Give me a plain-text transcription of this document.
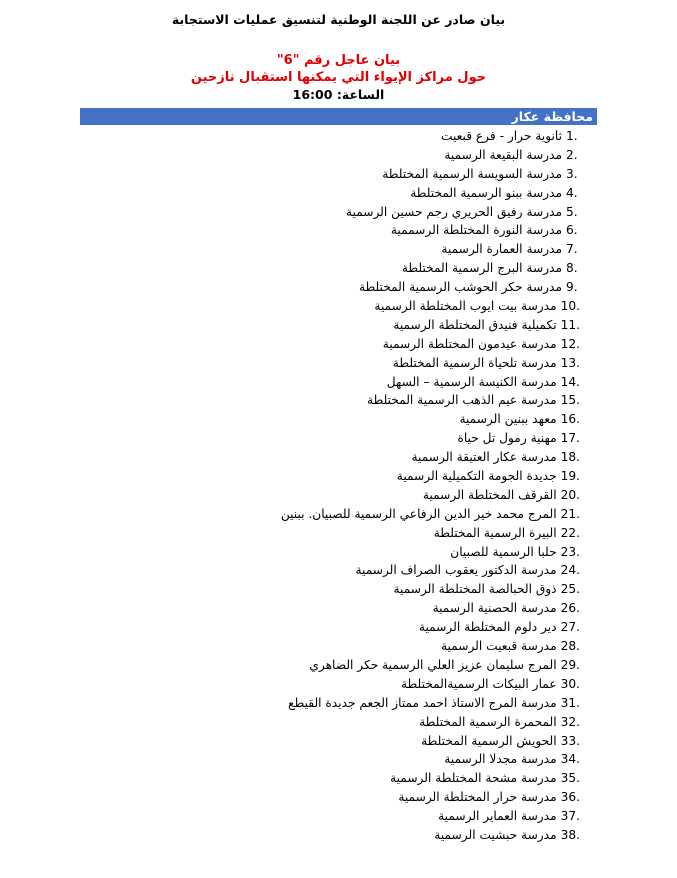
بيان صادر عن اللجنة الوطنية لتنسيق عمليات الاستجابة
بيان عاجل رقم "6"
حول مراكز الإيواء التي يمكنها استقبال نازحين
الساعة: 16:00
محافظة عكار
1.ثانوية حرار - فرع قبعيت
2.مدرسة البقيعة الرسمية
3.مدرسة السويسة الرسمية المختلطة
4.مدرسة ببنو الرسمية المختلطة
5.مدرسة رفيق الحريري رجم حسين الرسمية
6.مدرسة النورة المختلطة الرسممية
7.مدرسة العمارة الرسمية
8.مدرسة البرج الرسمية المختلطة
9.مدرسة حكر الحوشب الرسمية المختلطة
10.مدرسة بيت ايوب المختلطة الرسمية
11.تكميلية فنيدق المختلطة الرسمية
12.مدرسة عيدمون المختلطة الرسمية
13.مدرسة تلحياة الرسمية المختلطة
14.مدرسة الكنيسة الرسمية – السهل
15.مدرسة عيم الذهب الرسمية المختلطة
16.معهد ببنين الرسمية
17.مهنية رمول تل حياة
18.مدرسة عكار العتيقة الرسمية
19.جديدة الجومة التكميلية الرسمية
20.القرقف المختلطة الرسمية
21.المرج محمد خير الدين الرفاعي الرسمية للصبيان. ببنين
22.البيرة الرسمية المختلطة
23.حلبا الرسمية للصبيان
24.مدرسة الدكتور يعقوب الصراف الرسمية
25.ذوق الحبالصة المختلطة الرسمية
26.مدرسة الحصنية الرسمية
27.دير دلوم المختلطة الرسمية
28.مدرسة قبعيت الرسمية
29.المرج سليمان عزيز العلي الرسمية حكر الضاهري
30.عمار البيكات الرسميةالمختلطة
31.مدرسة المرج الاستاذ احمد ممتاز الجعم جديدة القيطع
32.المحمرة الرسمية المختلطة
33.الحويش الرسمية المختلطة
34.مدرسة مجدلا الرسمية
35.مدرسة مشحة المختلطة الرسمية
36.مدرسة حرار المختلطة الرسمية
37.مدرسة العماير الرسمية
38.مدرسة حبشيت الرسمية
